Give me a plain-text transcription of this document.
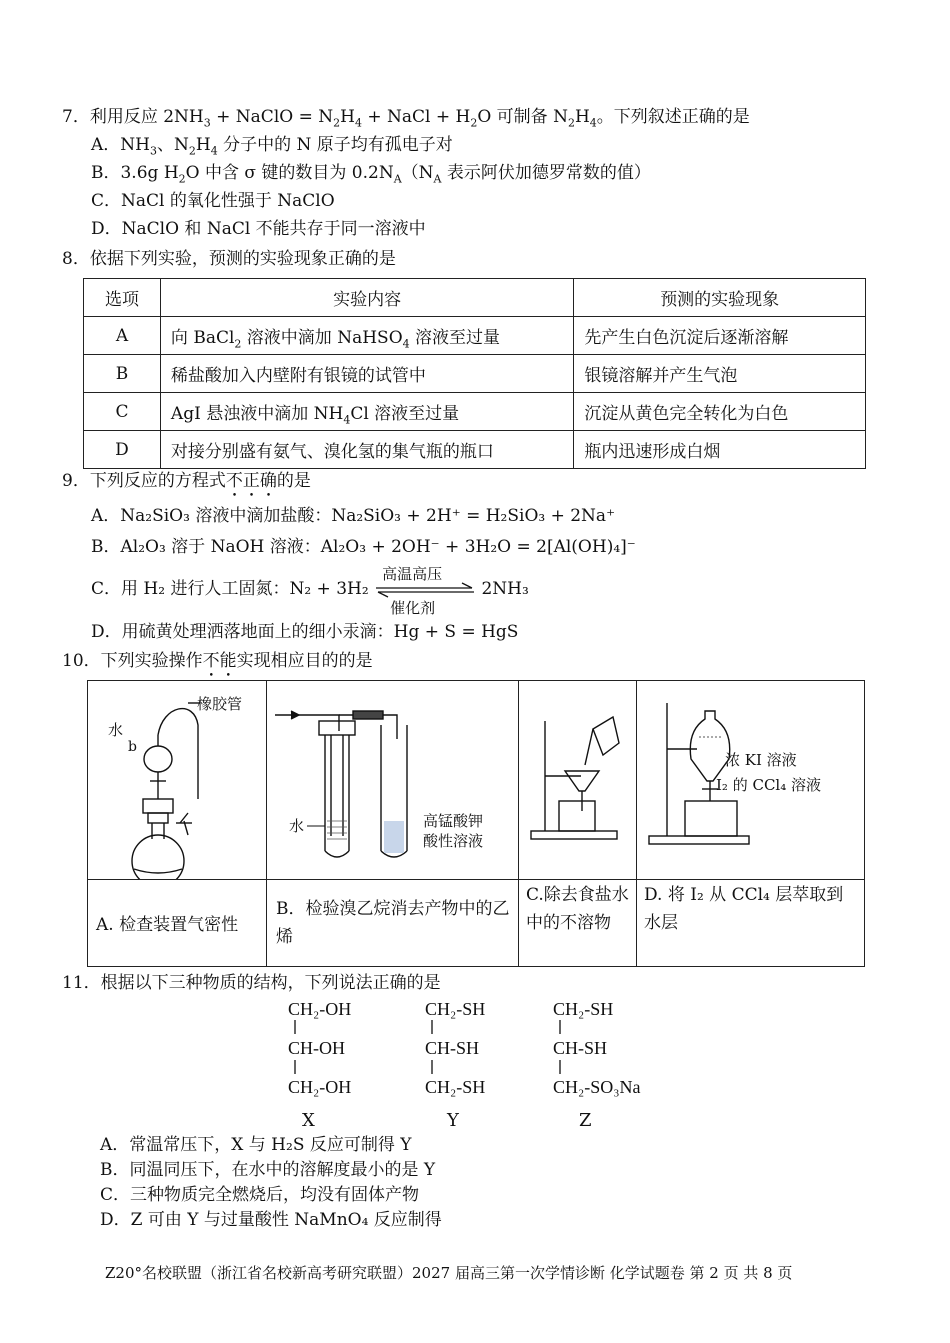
7．利用反应 $2NH_3$ + NaClO = $N_2H_4$ + NaCl + $H_2O$ 可制备 $N_2H_4$。下列叙述正确的是
A．$NH_3$、$N_2H_4$ 分子中的 N 原子均有孤电子对
B．3.6g $H_2O$ 中含 σ 键的数目为 $0.2N_A(N_A$ 表示阿伏加德罗常数的值）
C．NaCl 的氧化性强于 NaClO
D．NaClO 和 NaCl 不能共存于同一溶液中
8．依据下列实验，预测的实验现象正确的是
选项	实验内容	预测的实验现象
A	向 BaCl$_2$ 溶液中滴加 NaHSO$_4$ 溶液至过量	先产生白色沉淀后逐渐溶解
B	稀盐酸加入内壁附有银镜的试管中	银镜溶解并产生气泡
C	AgI 悬浊液中滴加 $NH_4Cl$ 溶液至过量	沉淀从黄色完全转化为白色
D	对接分别盛有氨气、溴化氢的集气瓶的瓶口	瓶内迅速形成白烟
9．下列反应的方程式不正确的是
A．Na₂SiO₃ 溶液中滴加盐酸：Na₂SiO₃ + 2H⁺ = H₂SiO₃ + 2Na⁺
B．Al₂O₃ 溶于 NaOH 溶液：Al₂O₃ + 2OH⁻ + 3H₂O = 2[Al(OH)₄]⁻
C．用 H₂ 进行人工固氮：N₂ + 3H₂
高温高压
催化剂
2NH₃
D．用硫黄处理洒落地面上的细小汞滴：Hg + S = HgS
10．下列实验操作不能实现相应目的的是
橡胶管
水
b
水	高锰酸钾
酸性溶液
浓 KI 溶液
I₂ 的 CCl₄ 溶液
A. 检查装置气密性
B．检验溴乙烷消去产物中的乙烯
C.除去食盐水中的不溶物
D. 将 I₂ 从 CCl₄ 层萃取到水层
11．根据以下三种物质的结构，下列说法正确的是
CH₂-OH
CH-OH
CH₂-OH
CH₂-SH
CH-SH
CH₂-SH
CH₂-SH
CH-SH
CH₂-SO₃Na
X	Y	Z
A．常温常压下，X 与 H₂S 反应可制得 Y
B．同温同压下，在水中的溶解度最小的是 Y
C．三种物质完全燃烧后，均没有固体产物
D．Z 可由 Y 与过量酸性 NaMnO₄ 反应制得
Z20°名校联盟（浙江省名校新高考研究联盟）2027 届高三第一次学情诊断 化学试题卷 第 2 页 共 8 页
